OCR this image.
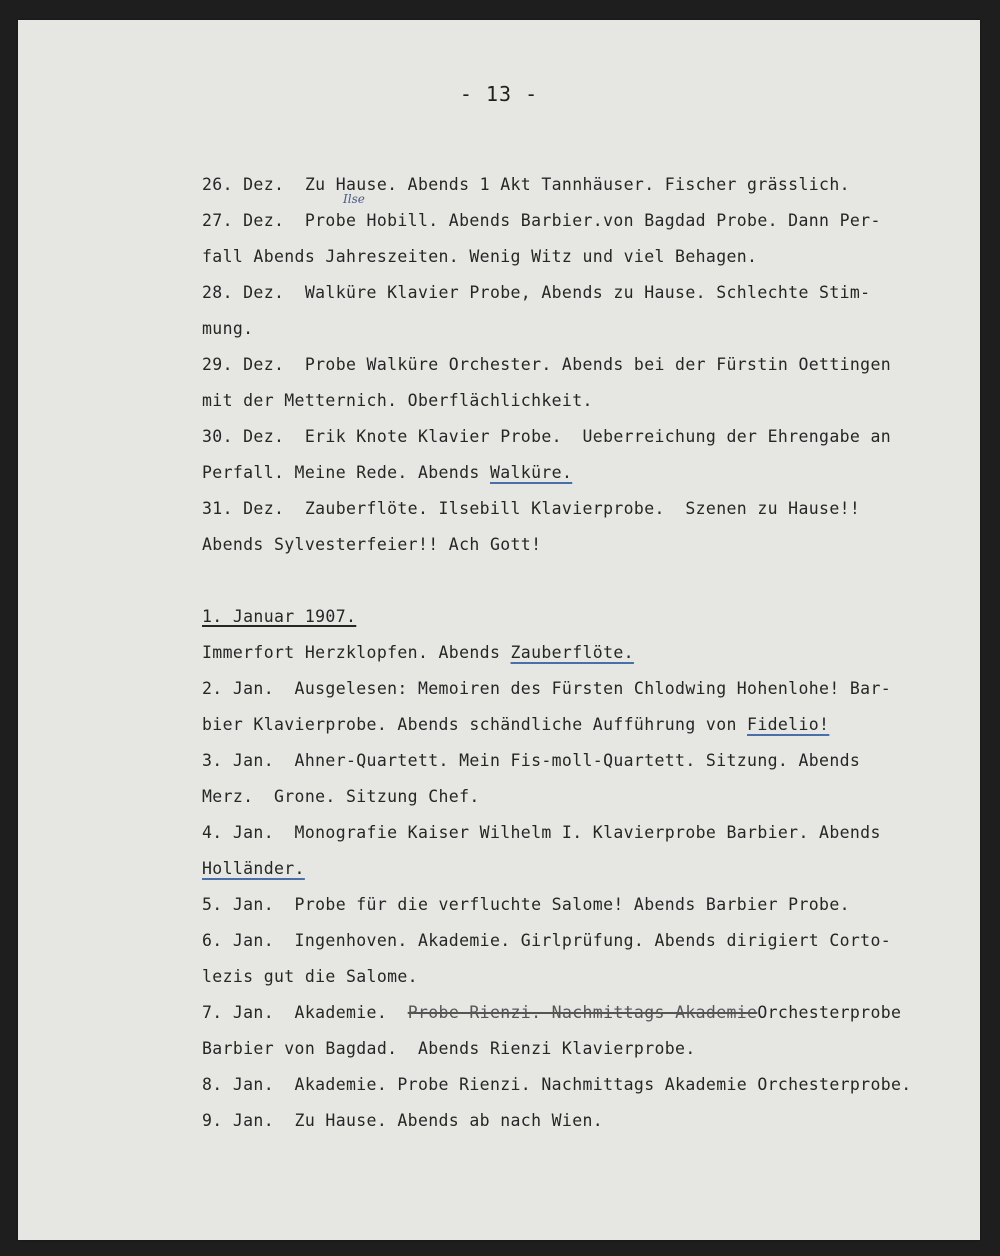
- 13 -
Ilse
26. Dez.  Zu Hause. Abends 1 Akt Tannhäuser. Fischer grässlich.
27. Dez.  Probe Hobill. Abends Barbier.von Bagdad Probe. Dann Per-
fall Abends Jahreszeiten. Wenig Witz und viel Behagen.
28. Dez.  Walküre Klavier Probe, Abends zu Hause. Schlechte Stim-
mung.
29. Dez.  Probe Walküre Orchester. Abends bei der Fürstin Oettingen
mit der Metternich. Oberflächlichkeit.
30. Dez.  Erik Knote Klavier Probe.  Ueberreichung der Ehrengabe an
Perfall. Meine Rede. Abends Walküre.
31. Dez.  Zauberflöte. Ilsebill Klavierprobe.  Szenen zu Hause!!
Abends Sylvesterfeier!! Ach Gott!
1. Januar 1907.
Immerfort Herzklopfen. Abends Zauberflöte.
2. Jan.  Ausgelesen: Memoiren des Fürsten Chlodwing Hohenlohe! Bar-
bier Klavierprobe. Abends schändliche Aufführung von Fidelio!
3. Jan.  Ahner-Quartett. Mein Fis-moll-Quartett. Sitzung. Abends
Merz.  Grone. Sitzung Chef.
4. Jan.  Monografie Kaiser Wilhelm I. Klavierprobe Barbier. Abends
Holländer.
5. Jan.  Probe für die verfluchte Salome! Abends Barbier Probe.
6. Jan.  Ingenhoven. Akademie. Girlprüfung. Abends dirigiert Corto-
lezis gut die Salome.
7. Jan.  Akademie.  Probe Rienzi. Nachmittags AkademieOrchesterprobe
Barbier von Bagdad.  Abends Rienzi Klavierprobe.
8. Jan.  Akademie. Probe Rienzi. Nachmittags Akademie Orchesterprobe.
9. Jan.  Zu Hause. Abends ab nach Wien.
